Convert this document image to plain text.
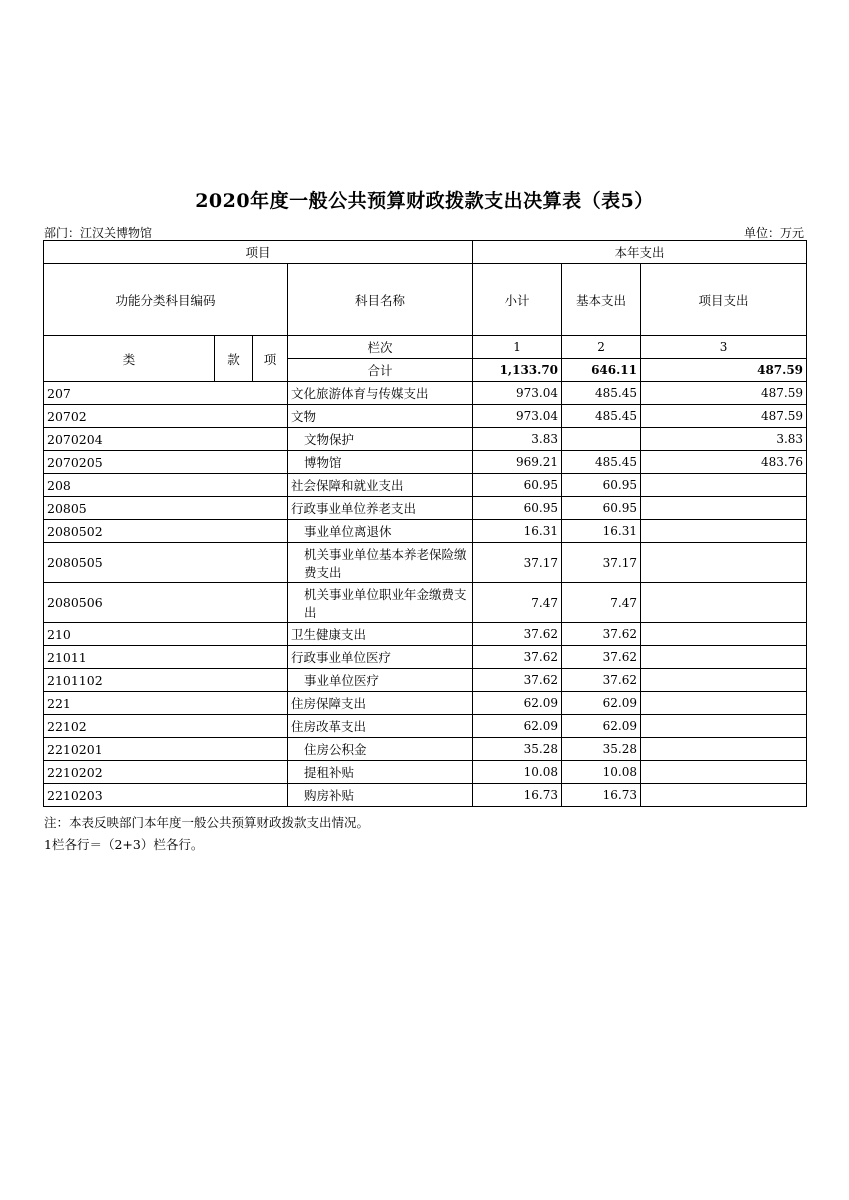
2020年度一般公共预算财政拨款支出决算表（表5）
部门：江汉关博物馆	单位：万元
项目				本年支出		
功能分类科目编码			科目名称	小计	基本支出	项目支出
类	款	项	栏次	1	2	3
			合计	1,133.70	646.11	487.59
207			文化旅游体育与传媒支出	973.04	485.45	487.59
20702			文物	973.04	485.45	487.59
2070204			文物保护	3.83		3.83
2070205			博物馆	969.21	485.45	483.76
208			社会保障和就业支出	60.95	60.95	
20805			行政事业单位养老支出	60.95	60.95	
2080502			事业单位离退休	16.31	16.31	
2080505			机关事业单位基本养老保险缴费支出	37.17	37.17	
2080506			机关事业单位职业年金缴费支出	7.47	7.47	
210			卫生健康支出	37.62	37.62	
21011			行政事业单位医疗	37.62	37.62	
2101102			事业单位医疗	37.62	37.62	
221			住房保障支出	62.09	62.09	
22102			住房改革支出	62.09	62.09	
2210201			住房公积金	35.28	35.28	
2210202			提租补贴	10.08	10.08	
2210203			购房补贴	16.73	16.73	
注：本表反映部门本年度一般公共预算财政拨款支出情况。
1栏各行＝（2+3）栏各行。
